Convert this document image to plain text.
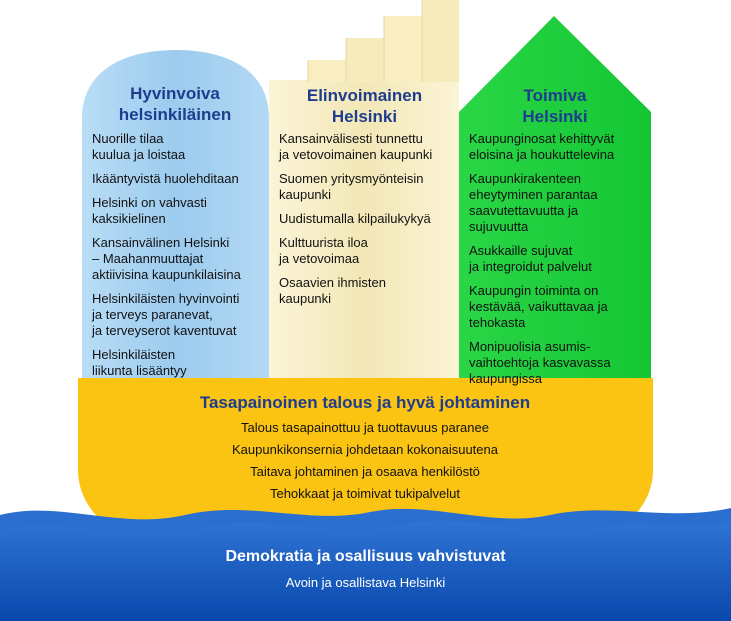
Hyvinvoiva
helsinkiläinen
Nuorille tilaa
kuulua ja loistaa
Ikääntyvistä huolehditaan
Helsinki on vahvasti
kaksikielinen
Kansainvälinen Helsinki
– Maahanmuuttajat
aktiivisina kaupunkilaisina
Helsinkiläisten hyvinvointi
ja terveys paranevat,
ja terveyserot kaventuvat
Helsinkiläisten
liikunta lisääntyy
Elinvoimainen
Helsinki
Kansainvälisesti tunnettu
ja vetovoimainen kaupunki
Suomen yritysmyönteisin
kaupunki
Uudistumalla kilpailukykyä
Kulttuurista iloa
ja vetovoimaa
Osaavien ihmisten
kaupunki
Toimiva
Helsinki
Kaupunginosat kehittyvät
eloisina ja houkuttelevina
Kaupunkirakenteen
eheytyminen parantaa
saavutettavuutta ja
sujuvuutta
Asukkaille sujuvat
ja integroidut palvelut
Kaupungin toiminta on
kestävää, vaikuttavaa ja
tehokasta
Monipuolisia asumis-
vaihtoehtoja kasvavassa
kaupungissa
Tasapainoinen talous ja hyvä johtaminen
Talous tasapainottuu ja tuottavuus paranee
Kaupunkikonsernia johdetaan kokonaisuutena
Taitava johtaminen ja osaava henkilöstö
Tehokkaat ja toimivat tukipalvelut
Demokratia ja osallisuus vahvistuvat
Avoin ja osallistava Helsinki
